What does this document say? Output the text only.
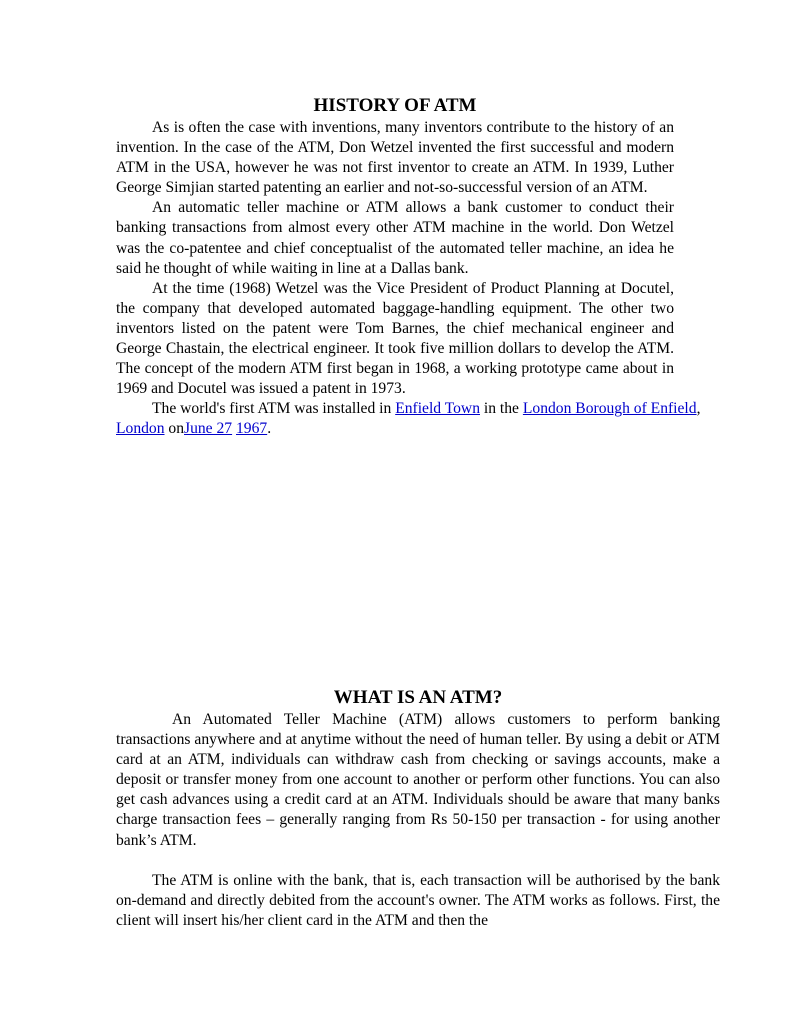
HISTORY OF ATM

As is often the case with inventions, many inventors contribute to the history of an invention. In the case of the ATM, Don Wetzel invented the first successful and modern ATM in the USA, however he was not first inventor to create an ATM. In 1939, Luther George Simjian started patenting an earlier and not-so-successful version of an ATM.

An automatic teller machine or ATM allows a bank customer to conduct their banking transactions from almost every other ATM machine in the world. Don Wetzel was the co-patentee and chief conceptualist of the automated teller machine, an idea he said he thought of while waiting in line at a Dallas bank.

At the time (1968) Wetzel was the Vice President of Product Planning at Docutel, the company that developed automated baggage-handling equipment. The other two inventors listed on the patent were Tom Barnes, the chief mechanical engineer and George Chastain, the electrical engineer. It took five million dollars to develop the ATM. The concept of the modern ATM first began in 1968, a working prototype came about in 1969 and Docutel was issued a patent in 1973.

The world's first ATM was installed in Enfield Town in the London Borough of Enfield, London onJune 27 1967.

WHAT IS AN ATM?

An Automated Teller Machine (ATM) allows customers to perform banking transactions anywhere and at anytime without the need of human teller. By using a debit or ATM card at an ATM, individuals can withdraw cash from checking or savings accounts, make a deposit or transfer money from one account to another or perform other functions. You can also get cash advances using a credit card at an ATM. Individuals should be aware that many banks charge transaction fees – generally ranging from Rs 50-150 per transaction - for using another bank’s ATM.

The ATM is online with the bank, that is, each transaction will be authorised by the bank on-demand and directly debited from the account's owner. The ATM works as follows. First, the client will insert his/her client card in the ATM and then the
